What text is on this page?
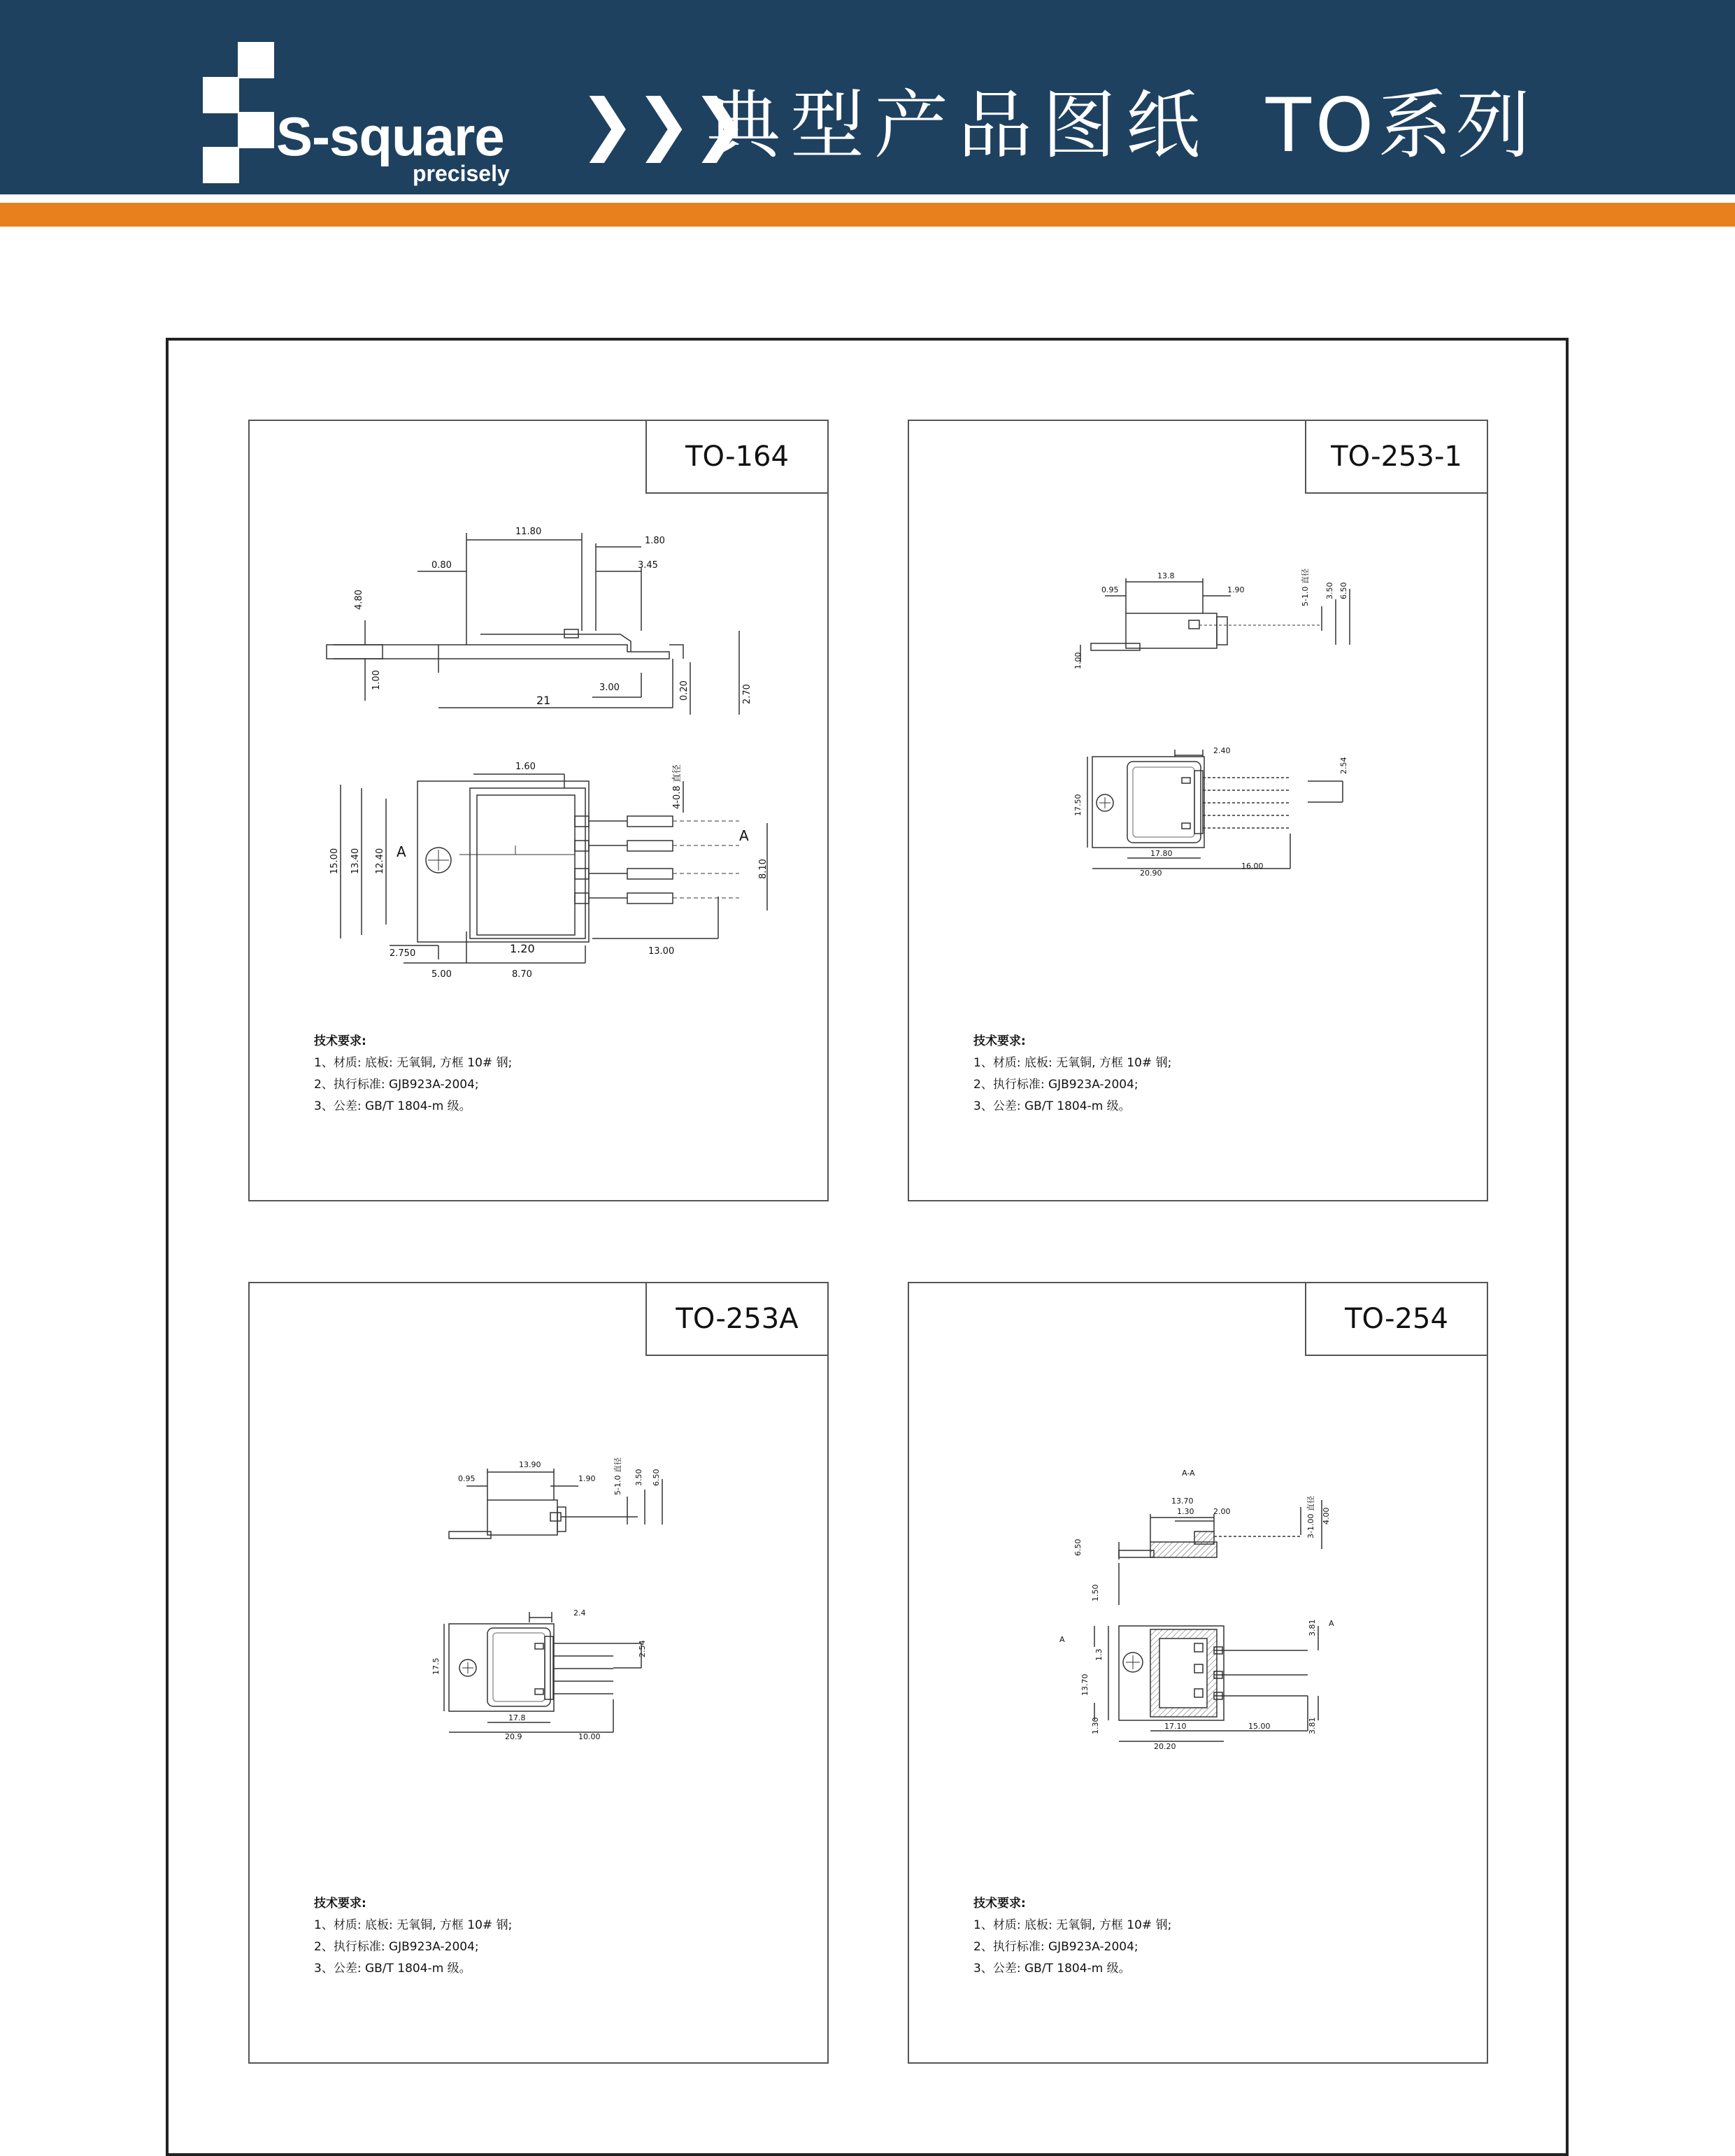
S-square
precisely
❯❯❯
典型产品图纸 TO系列
11.80
1.80
0.80	3.45
3.00
21
4.80
1.00
0.20	2.70
1.60	4-0.8 直径
15.00 13.40 12.40 A
A
8.10
2.750	1.20	13.00
5.00	8.70
TO-164
技术要求:
1、材质: 底板: 无氧铜, 方框 10# 钢;
2、执行标准: GJB923A-2004;
3、公差: GB/T 1804-m 级。
13.8
0.95	1.90	5-1.0 直径 3.50 6.50
1.00
2.40
2.54
17.50
17.80
20.90
16.00
TO-253-1
技术要求:
1、材质: 底板: 无氧铜, 方框 10# 钢;
2、执行标准: GJB923A-2004;
3、公差: GB/T 1804-m 级。
13.90
0.95	1.90 5-1.0 直径 3.50 6.50
2.4
2.54
17.5
17.8
20.9	10.00
TO-253A
技术要求:
1、材质: 底板: 无氧铜, 方框 10# 钢;
2、执行标准: GJB923A-2004;
3、公差: GB/T 1804-m 级。
A-A
13.70
1.30	2.00	3-1.00 直径 4.00
6.50
1.50
A
A
1.3
13.70
3.81
1.30	17.10	15.00
20.20
3.81
TO-254
技术要求:
1、材质: 底板: 无氧铜, 方框 10# 钢;
2、执行标准: GJB923A-2004;
3、公差: GB/T 1804-m 级。
